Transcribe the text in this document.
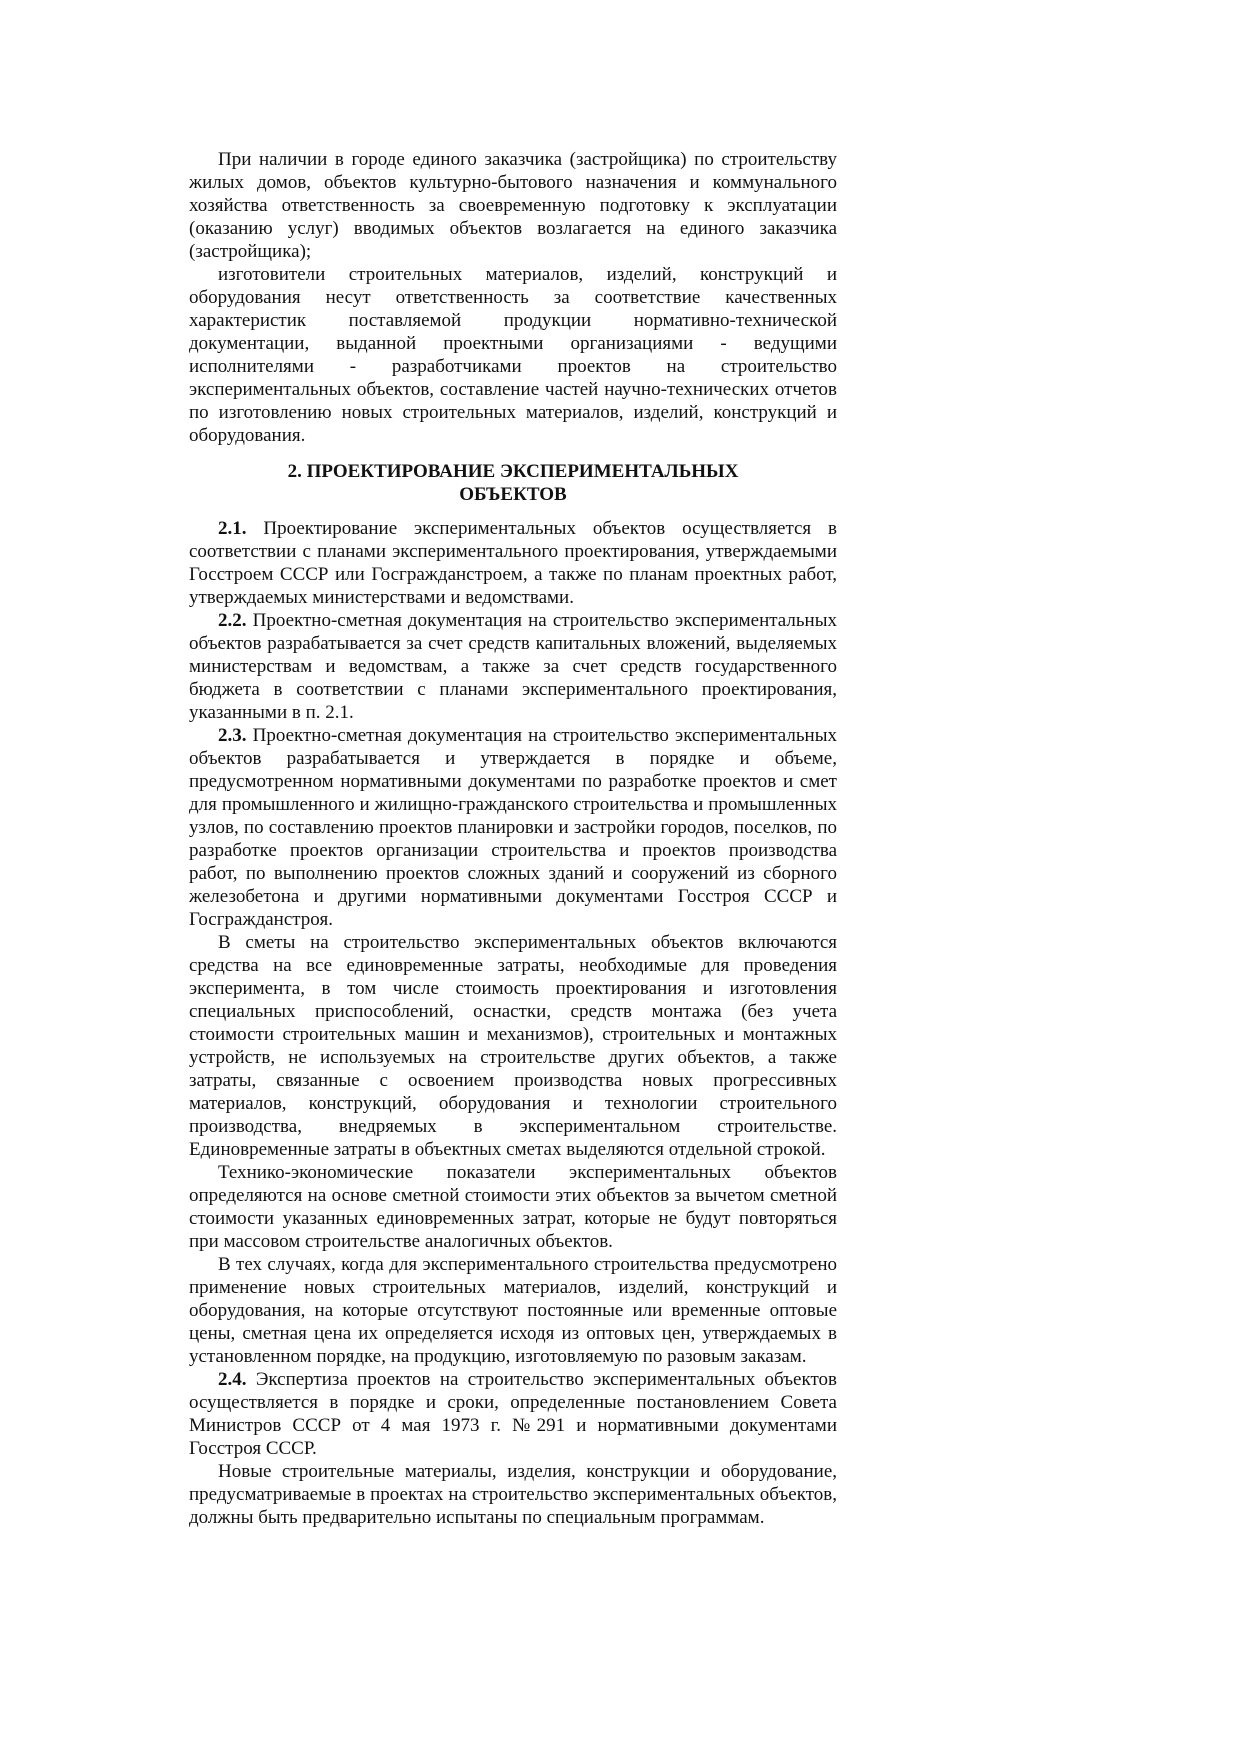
При наличии в городе единого заказчика (застройщика) по строительству жилых домов, объектов культурно-бытового назначения и коммунального хозяйства ответственность за своевременную подготовку к эксплуатации (оказанию услуг) вводимых объектов возлагается на единого заказчика (застройщика);

изготовители строительных материалов, изделий, конструкций и оборудования несут ответственность за соответствие качественных характеристик поставляемой продукции нормативно-технической документации, выданной проектными организациями - ведущими исполнителями - разработчиками проектов на строительство экспериментальных объектов, составление частей научно-технических отчетов по изготовлению новых строительных материалов, изделий, конструкций и оборудования.

2. ПРОЕКТИРОВАНИЕ ЭКСПЕРИМЕНТАЛЬНЫХ ОБЪЕКТОВ

2.1. Проектирование экспериментальных объектов осуществляется в соответствии с планами экспериментального проектирования, утверждаемыми Госстроем СССР или Госгражданстроем, а также по планам проектных работ, утверждаемых министерствами и ведомствами.

2.2. Проектно-сметная документация на строительство экспериментальных объектов разрабатывается за счет средств капитальных вложений, выделяемых министерствам и ведомствам, а также за счет средств государственного бюджета в соответствии с планами экспериментального проектирования, указанными в п. 2.1.

2.3. Проектно-сметная документация на строительство экспериментальных объектов разрабатывается и утверждается в порядке и объеме, предусмотренном нормативными документами по разработке проектов и смет для промышленного и жилищно-гражданского строительства и промышленных узлов, по составлению проектов планировки и застройки городов, поселков, по разработке проектов организации строительства и проектов производства работ, по выполнению проектов сложных зданий и сооружений из сборного железобетона и другими нормативными документами Госстроя СССР и Госгражданстроя.

В сметы на строительство экспериментальных объектов включаются средства на все единовременные затраты, необходимые для проведения эксперимента, в том числе стоимость проектирования и изготовления специальных приспособлений, оснастки, средств монтажа (без учета стоимости строительных машин и механизмов), строительных и монтажных устройств, не используемых на строительстве других объектов, а также затраты, связанные с освоением производства новых прогрессивных материалов, конструкций, оборудования и технологии строительного производства, внедряемых в экспериментальном строительстве. Единовременные затраты в объектных сметах выделяются отдельной строкой.

Технико-экономические показатели экспериментальных объектов определяются на основе сметной стоимости этих объектов за вычетом сметной стоимости указанных единовременных затрат, которые не будут повторяться при массовом строительстве аналогичных объектов.

В тех случаях, когда для экспериментального строительства предусмотрено применение новых строительных материалов, изделий, конструкций и оборудования, на которые отсутствуют постоянные или временные оптовые цены, сметная цена их определяется исходя из оптовых цен, утверждаемых в установленном порядке, на продукцию, изготовляемую по разовым заказам.

2.4. Экспертиза проектов на строительство экспериментальных объектов осуществляется в порядке и сроки, определенные постановлением Совета Министров СССР от 4 мая 1973 г. №291 и нормативными документами Госстроя СССР.

Новые строительные материалы, изделия, конструкции и оборудование, предусматриваемые в проектах на строительство экспериментальных объектов, должны быть предварительно испытаны по специальным программам.
